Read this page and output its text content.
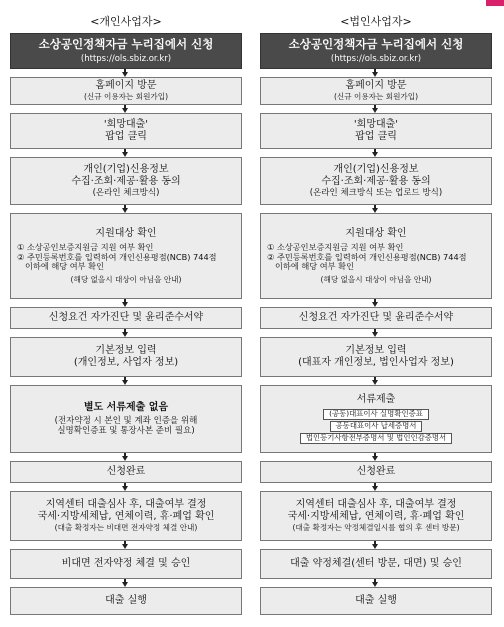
<개인사업자>
소상공인정책자금 누리집에서 신청
(https://ols.sbiz.or.kr)
홈페이지 방문
(신규 이용자는 회원가입)
'희망대출'
팝업 클릭
개인(기업)신용정보
수집·조회·제공·활용 동의
(온라인 체크방식)
지원대상 확인
① 소상공인보증지원금 지원 여부 확인
② 주민등록번호를 입력하여 개인신용평점(NCB) 744점
이하에 해당 여부 확인
(해당 없을시 대상이 아님을 안내)
신청요건 자가진단 및 윤리준수서약
기본정보 입력
(개인정보, 사업자 정보)
별도 서류제출 없음
(전자약정 시 본인 및 계좌 인증을 위해
실명확인증표 및 통장사본 준비 필요)
신청완료
지역센터 대출심사 후, 대출여부 결정
국세·지방세체납, 연체이력, 휴·폐업 확인
(대출 확정자는 비대면 전자약정 체결 안내)
비대면 전자약정 체결 및 승인
대출 실행
<법인사업자>
소상공인정책자금 누리집에서 신청
(https://ols.sbiz.or.kr)
홈페이지 방문
(신규 이용자는 회원가입)
'희망대출'
팝업 클릭
개인(기업)신용정보
수집·조회·제공·활용 동의
(온라인 체크방식 또는 업로드 방식)
지원대상 확인
① 소상공인보증지원금 지원 여부 확인
② 주민등록번호를 입력하여 개인신용평점(NCB) 744점
이하에 해당 여부 확인
(해당 없을시 대상이 아님을 안내)
신청요건 자가진단 및 윤리준수서약
기본정보 입력
(대표자 개인정보, 법인사업자 정보)
서류제출
(공동)대표이사 실명확인증표
공동대표이사 납세증명서
법인등기사항전부증명서 및 법인인감증명서
신청완료
지역센터 대출심사 후, 대출여부 결정
국세·지방세체납, 연체이력, 휴·폐업 확인
(대출 확정자는 약정체결일시를 협의 후 센터 방문)
대출 약정체결(센터 방문, 대면) 및 승인
대출 실행
